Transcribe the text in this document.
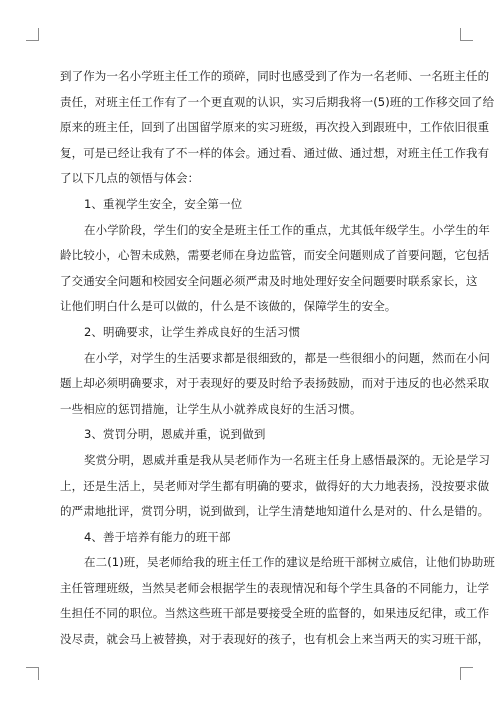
到了作为一名小学班主任工作的琐碎，同时也感受到了作为一名老师、一名班主任的
责任，对班主任工作有了一个更直观的认识，实习后期我将一(5)班的工作移交回了给
原来的班主任，回到了出国留学原来的实习班级，再次投入到跟班中，工作依旧很重
复，可是已经让我有了不一样的体会。通过看、通过做、通过想，对班主任工作我有
了以下几点的领悟与体会：
1、重视学生安全，安全第一位
在小学阶段，学生们的安全是班主任工作的重点，尤其低年级学生。小学生的年
龄比较小，心智未成熟，需要老师在身边监管，而安全问题则成了首要问题，它包括
了交通安全问题和校园安全问题必须严肃及时地处理好安全问题要时联系家长，这
让他们明白什么是可以做的，什么是不该做的，保障学生的安全。
2、明确要求，让学生养成良好的生活习惯
在小学，对学生的生活要求都是很细致的，都是一些很细小的问题，然而在小问
题上却必须明确要求，对于表现好的要及时给予表扬鼓励，而对于违反的也必然采取
一些相应的惩罚措施，让学生从小就养成良好的生活习惯。
3、赏罚分明，恩威并重，说到做到
奖赏分明，恩威并重是我从吴老师作为一名班主任身上感悟最深的。无论是学习
上，还是生活上，吴老师对学生都有明确的要求，做得好的大力地表扬，没按要求做
的严肃地批评，赏罚分明，说到做到，让学生清楚地知道什么是对的、什么是错的。
4、善于培养有能力的班干部
在二(1)班，吴老师给我的班主任工作的建议是给班干部树立威信，让他们协助班
主任管理班级，当然吴老师会根据学生的表现情况和每个学生具备的不同能力，让学
生担任不同的职位。当然这些班干部是要接受全班的监督的，如果违反纪律，或工作
没尽责，就会马上被替换，对于表现好的孩子，也有机会上来当两天的实习班干部，
